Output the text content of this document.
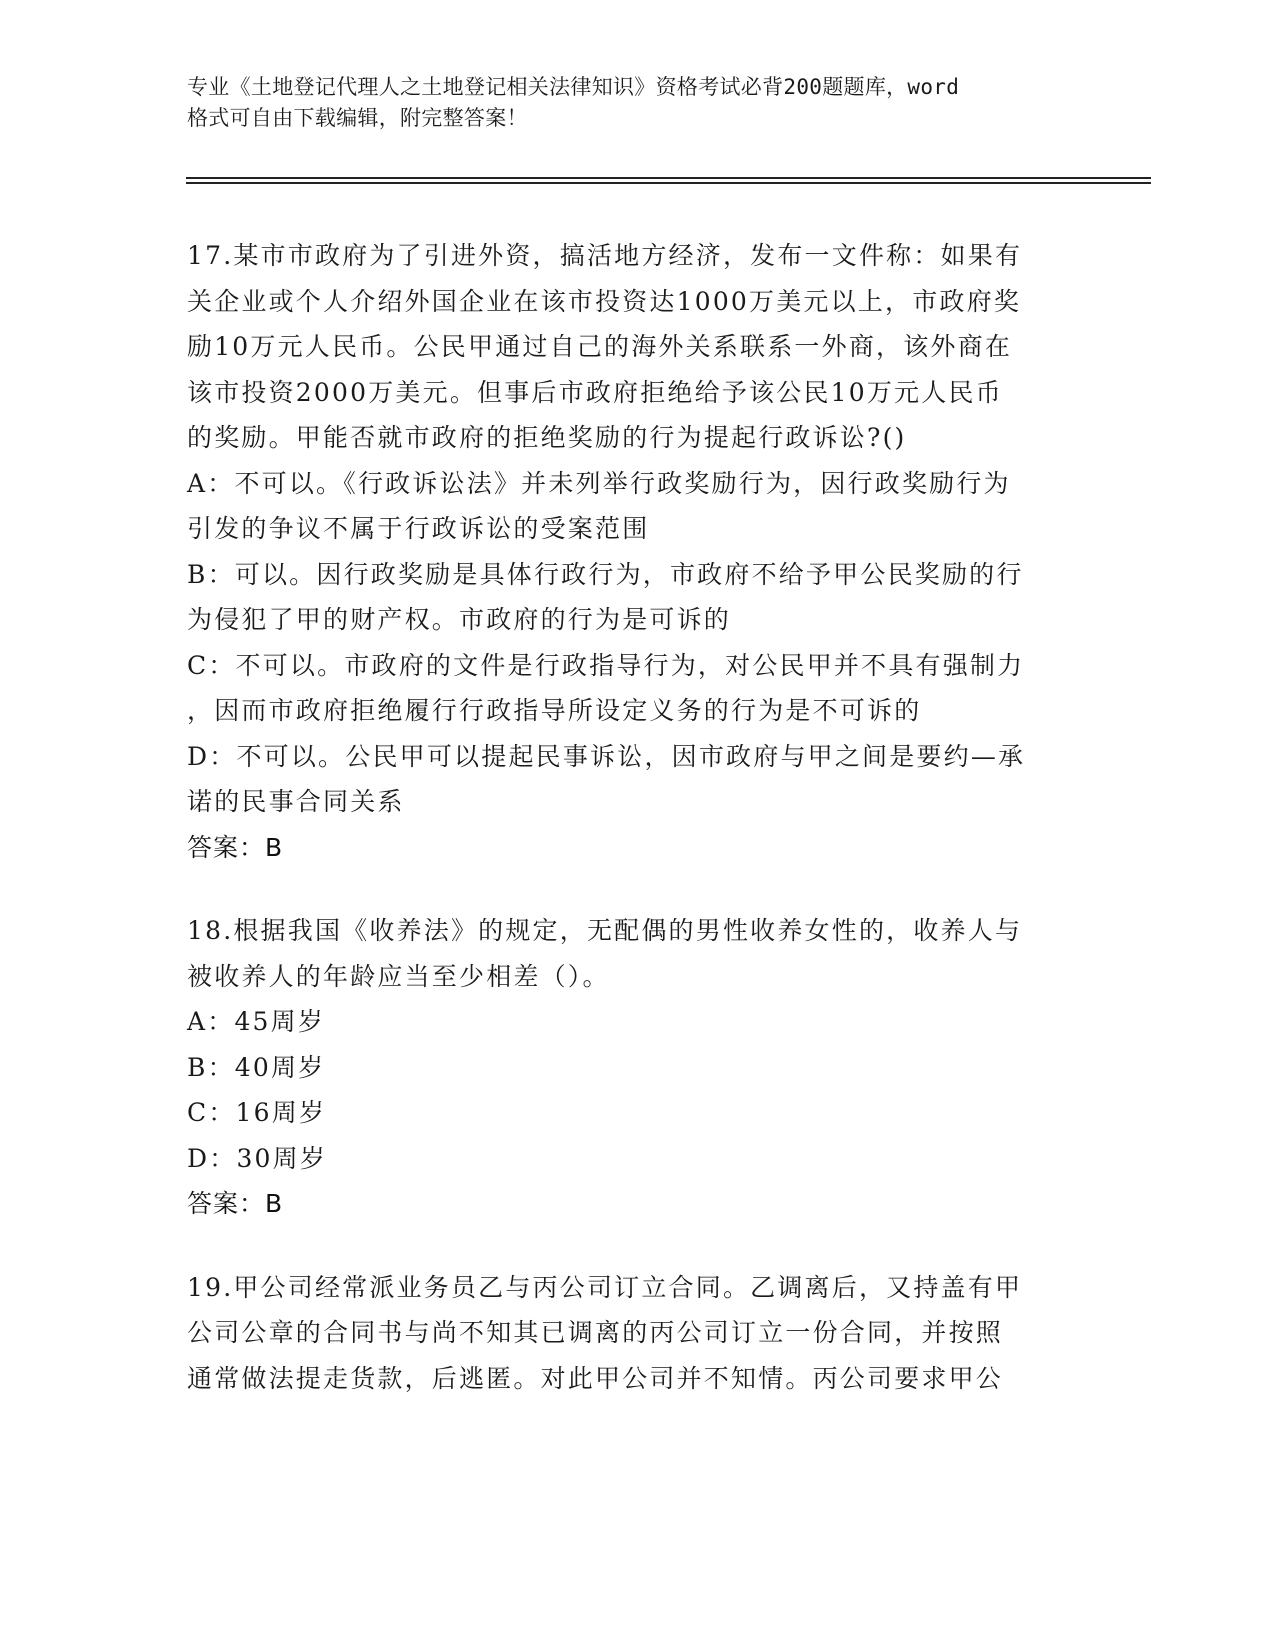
专业《土地登记代理人之土地登记相关法律知识》资格考试必背200题题库，word
格式可自由下载编辑，附完整答案！
17.某市市政府为了引进外资，搞活地方经济，发布一文件称：如果有
关企业或个人介绍外国企业在该市投资达1000万美元以上，市政府奖
励10万元人民币。公民甲通过自己的海外关系联系一外商，该外商在
该市投资2000万美元。但事后市政府拒绝给予该公民10万元人民币
的奖励。甲能否就市政府的拒绝奖励的行为提起行政诉讼?()
A：不可以。《行政诉讼法》并未列举行政奖励行为，因行政奖励行为
引发的争议不属于行政诉讼的受案范围
B：可以。因行政奖励是具体行政行为，市政府不给予甲公民奖励的行
为侵犯了甲的财产权。市政府的行为是可诉的
C：不可以。市政府的文件是行政指导行为，对公民甲并不具有强制力
，因而市政府拒绝履行行政指导所设定义务的行为是不可诉的
D：不可以。公民甲可以提起民事诉讼，因市政府与甲之间是要约—承
诺的民事合同关系
答案：B
18.根据我国《收养法》的规定，无配偶的男性收养女性的，收养人与
被收养人的年龄应当至少相差（）。
A：45周岁
B：40周岁
C：16周岁
D：30周岁
答案：B
19.甲公司经常派业务员乙与丙公司订立合同。乙调离后，又持盖有甲
公司公章的合同书与尚不知其已调离的丙公司订立一份合同，并按照
通常做法提走货款，后逃匿。对此甲公司并不知情。丙公司要求甲公
